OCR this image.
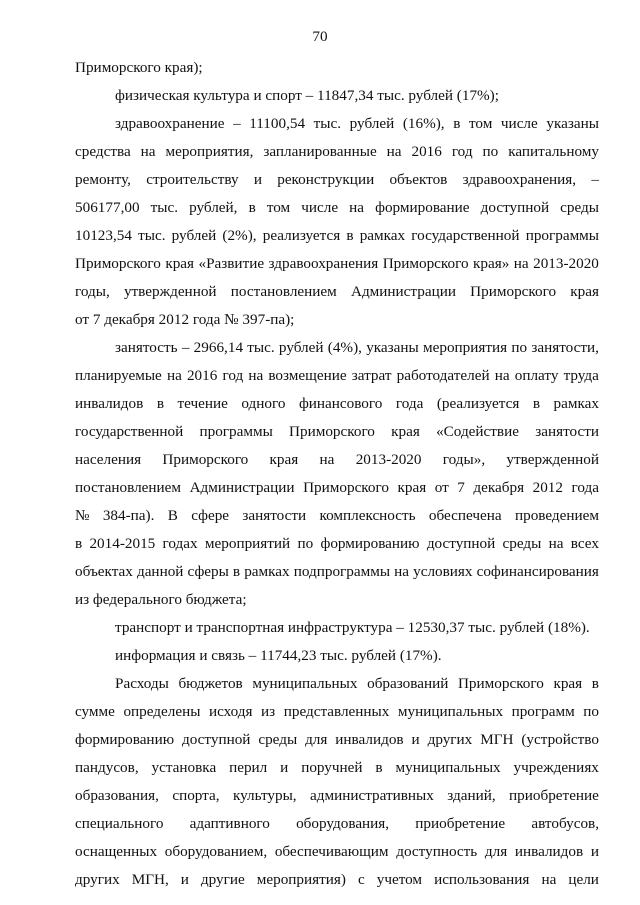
70
Приморского края);
физическая культура и спорт – 11847,34 тыс. рублей (17%);
здравоохранение – 11100,54 тыс. рублей (16%), в том числе указаны
средства на мероприятия, запланированные на 2016 год по капитальному
ремонту, строительству и реконструкции объектов здравоохранения, –
506177,00 тыс. рублей, в том числе на формирование доступной среды
10123,54 тыс. рублей (2%), реализуется в рамках государственной программы
Приморского края «Развитие здравоохранения Приморского края» на 2013-2020
годы, утвержденной постановлением Администрации Приморского края
от 7 декабря 2012 года № 397-па);
занятость – 2966,14 тыс. рублей (4%), указаны мероприятия по занятости,
планируемые на 2016 год на возмещение затрат работодателей на оплату труда
инвалидов в течение одного финансового года (реализуется в рамках
государственной программы Приморского края «Содействие занятости
населения Приморского края на 2013-2020 годы», утвержденной
постановлением Администрации Приморского края от 7 декабря 2012 года
№ 384-па). В сфере занятости комплексность обеспечена проведением
в 2014-2015 годах мероприятий по формированию доступной среды на всех
объектах данной сферы в рамках подпрограммы на условиях софинансирования
из федерального бюджета;
транспорт и транспортная инфраструктура – 12530,37 тыс. рублей (18%).
информация и связь – 11744,23 тыс. рублей (17%).
Расходы бюджетов муниципальных образований Приморского края в
сумме определены исходя из представленных муниципальных программ по
формированию доступной среды для инвалидов и других МГН (устройство
пандусов, установка перил и поручней в муниципальных учреждениях
образования, спорта, культуры, административных зданий, приобретение
специального адаптивного оборудования, приобретение автобусов,
оснащенных оборудованием, обеспечивающим доступность для инвалидов и
других МГН, и другие мероприятия) с учетом использования на цели
